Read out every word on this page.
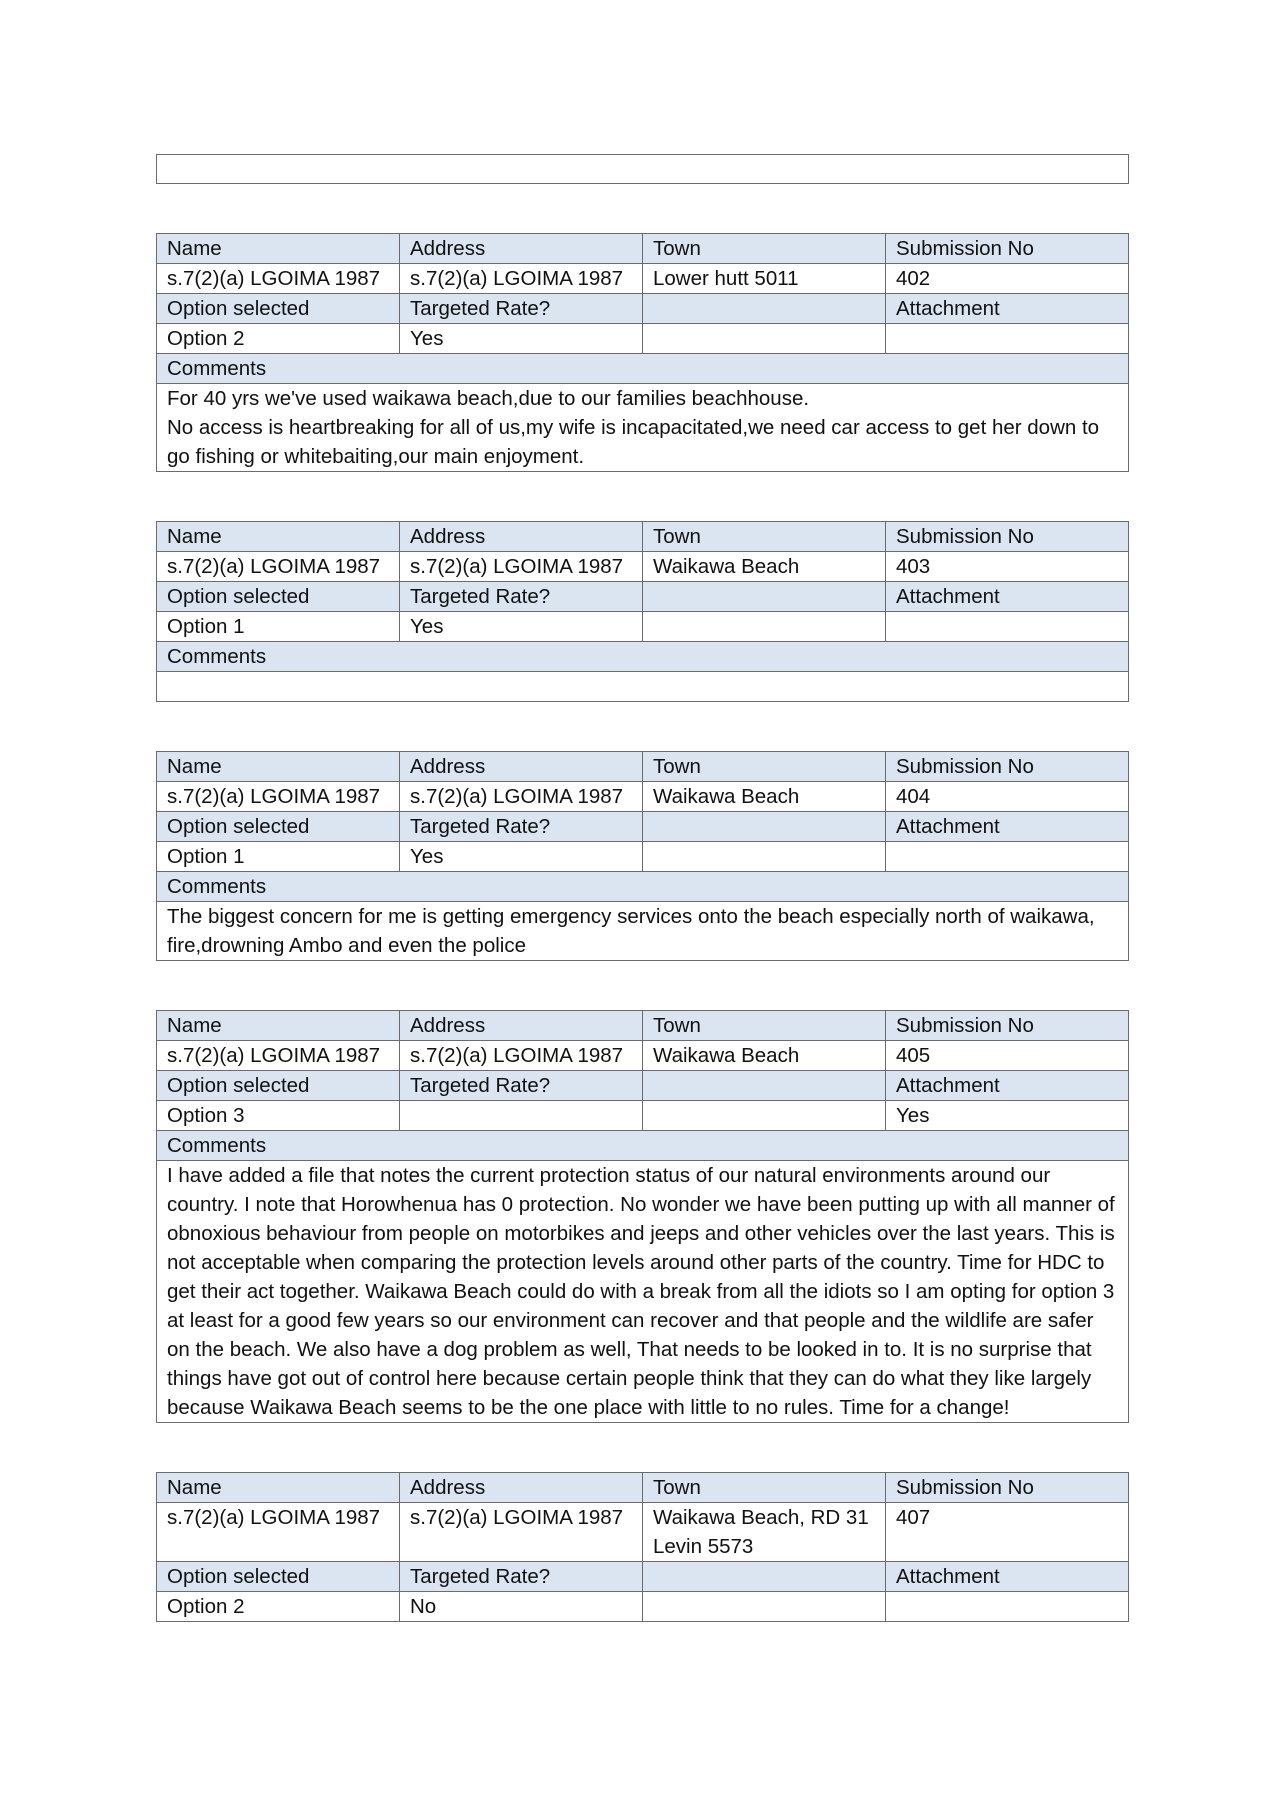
Name	Address	Town	Submission No
s.7(2)(a) LGOIMA 1987	s.7(2)(a) LGOIMA 1987	Lower hutt 5011	402
Option selected	Targeted Rate?		Attachment
Option 2	Yes		
Comments			

For 40 yrs we've used waikawa beach,due to our families beachhouse.

No access is heartbreaking for all of us,my wife is incapacitated,we need car access to get her down to go fishing or whitebaiting,our main enjoyment.			

Name	Address	Town	Submission No
s.7(2)(a) LGOIMA 1987	s.7(2)(a) LGOIMA 1987	Waikawa Beach	403
Option selected	Targeted Rate?		Attachment
Option 1	Yes		
Comments			

Name	Address	Town	Submission No
s.7(2)(a) LGOIMA 1987	s.7(2)(a) LGOIMA 1987	Waikawa Beach	404
Option selected	Targeted Rate?		Attachment
Option 1	Yes		
Comments			
The biggest concern for me is getting emergency services onto the beach especially north of waikawa, fire,drowning Ambo and even the police			
Name	Address	Town	Submission No
s.7(2)(a) LGOIMA 1987	s.7(2)(a) LGOIMA 1987	Waikawa Beach	405
Option selected	Targeted Rate?		Attachment
Option 3			Yes
Comments			
I have added a file that notes the current protection status of our natural environments around our country. I note that Horowhenua has 0 protection. No wonder we have been putting up with all manner of obnoxious behaviour from people on motorbikes and jeeps and other vehicles over the last years. This is not acceptable when comparing the protection levels around other parts of the country. Time for HDC to get their act together. Waikawa Beach could do with a break from all the idiots so I am opting for option 3 at least for a good few years so our environment can recover and that people and the wildlife are safer on the beach. We also have a dog problem as well, That needs to be looked in to. It is no surprise that things have got out of control here because certain people think that they can do what they like largely because Waikawa Beach seems to be the one place with little to no rules. Time for a change!			
Name	Address	Town	Submission No
s.7(2)(a) LGOIMA 1987	s.7(2)(a) LGOIMA 1987	Waikawa Beach, RD 31 Levin 5573	407
Option selected	Targeted Rate?		Attachment
Option 2	No		
